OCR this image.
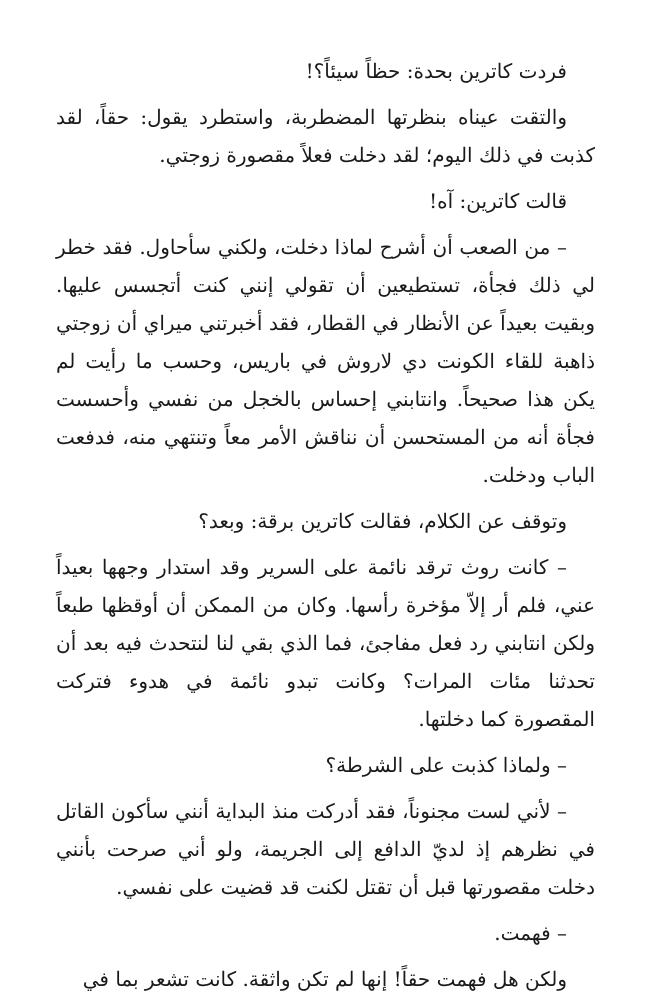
فردت كاترين بحدة: حظاً سيئاً؟!

والتقت عيناه بنظرتها المضطربة، واستطرد يقول: حقاً، لقد كذبت في ذلك اليوم؛ لقد دخلت فعلاً مقصورة زوجتي.

قالت كاترين: آه!

– من الصعب أن أشرح لماذا دخلت، ولكني سأحاول. فقد خطر لي ذلك فجأة، تستطيعين أن تقولي إنني كنت أتجسس عليها. وبقيت بعيداً عن الأنظار في القطار، فقد أخبرتني ميراي أن زوجتي ذاهبة للقاء الكونت دي لاروش في باريس، وحسب ما رأيت لم يكن هذا صحيحاً. وانتابني إحساس بالخجل من نفسي وأحسست فجأة أنه من المستحسن أن نناقش الأمر معاً وتنتهي منه، فدفعت الباب ودخلت.

وتوقف عن الكلام، فقالت كاترين برقة: وبعد؟

– كانت روث ترقد نائمة على السرير وقد استدار وجهها بعيداً عني، فلم أر إلاّ مؤخرة رأسها. وكان من الممكن أن أوقظها طبعاً ولكن انتابني رد فعل مفاجئ، فما الذي بقي لنا لنتحدث فيه بعد أن تحدثنا مئات المرات؟ وكانت تبدو نائمة في هدوء فتركت المقصورة كما دخلتها.

– ولماذا كذبت على الشرطة؟

– لأني لست مجنوناً، فقد أدركت منذ البداية أنني سأكون القاتل في نظرهم إذ لديّ الدافع إلى الجريمة، ولو أني صرحت بأنني دخلت مقصورتها قبل أن تقتل لكنت قد قضيت على نفسي.

– فهمت.

ولكن هل فهمت حقاً! إنها لم تكن واثقة. كانت تشعر بما في
